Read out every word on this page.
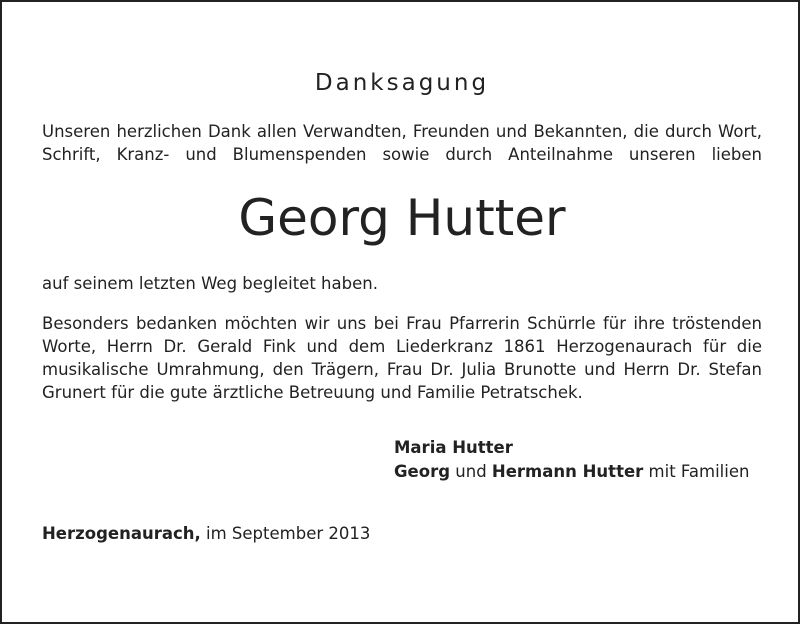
Danksagung
Unseren herzlichen Dank allen Verwandten, Freunden und Bekannten, die durch Wort, Schrift, Kranz- und Blumenspenden sowie durch Anteilnahme unseren lieben
Georg Hutter
auf seinem letzten Weg begleitet haben.
Besonders bedanken möchten wir uns bei Frau Pfarrerin Schürrle für ihre tröstenden Worte, Herrn Dr. Gerald Fink und dem Liederkranz 1861 Herzogenaurach für die musikalische Umrahmung, den Trägern, Frau Dr. Julia Brunotte und Herrn Dr. Stefan Grunert für die gute ärztliche Betreuung und Familie Petratschek.
Maria Hutter
Georg und Hermann Hutter mit Familien
Herzogenaurach, im September 2013
